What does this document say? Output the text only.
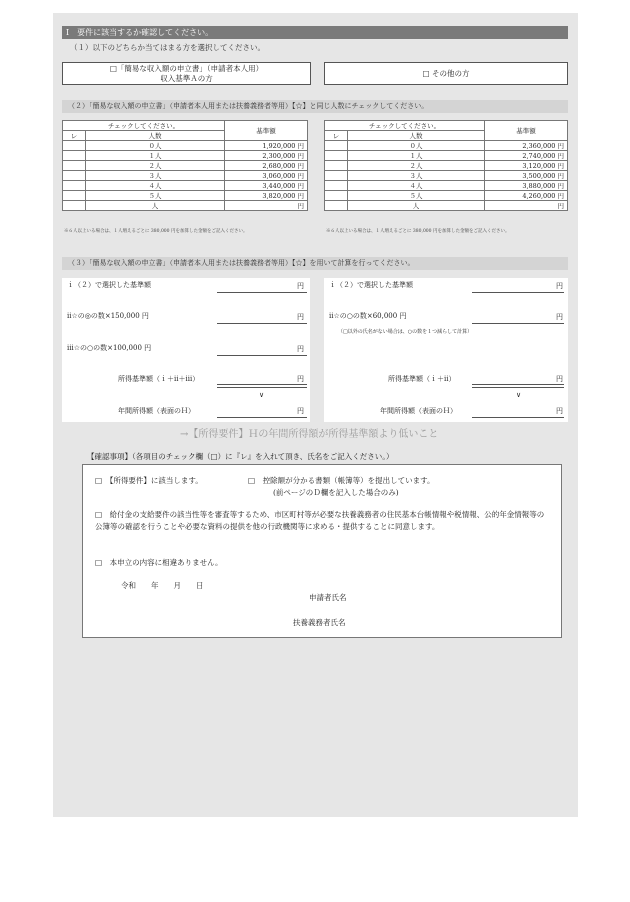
Ⅰ　要件に該当するか確認してください。
（１）以下のどちらか当てはまる方を選択してください。
□「簡易な収入額の申立書」（申請者本人用）
収入基準Ａの方
□ その他の方
（２）「簡易な収入額の申立書」（申請者本人用または扶養義務者等用）【☆】と同じ人数にチェックしてください。
チェックしてください。		基準額
レ	人数	
	０人	1,920,000 円
	１人	2,300,000 円
	２人	2,680,000 円
	３人	3,060,000 円
	４人	3,440,000 円
	５人	3,820,000 円
	人	円
チェックしてください。		基準額
レ	人数	
	０人	2,360,000 円
	１人	2,740,000 円
	２人	3,120,000 円
	３人	3,500,000 円
	４人	3,880,000 円
	５人	4,260,000 円
	人	円
※６人以上いる場合は、１人増えるごとに 380,000 円を加算した金額をご記入ください。	※６人以上いる場合は、１人増えるごとに 380,000 円を加算した金額をご記入ください。
（３）「簡易な収入額の申立書」（申請者本人用または扶養義務者等用）【☆】を用いて計算を行ってください。
ｉ（２）で選択した基準額	円
ⅱ☆の◎の数×150,000 円	円
ⅲ☆の○の数×100,000 円	円
所得基準額（ｉ＋ⅱ＋ⅲ）	円
∨
年間所得額（表面のＨ）	円
ｉ（２）で選択した基準額	円
ⅱ☆の○の数×60,000 円	円
（□以外の氏名がない場合は、○の数を１つ減らして計算）
所得基準額（ｉ＋ⅱ）	円
∨
年間所得額（表面のＨ）	円
→【所得要件】Ｈの年間所得額が所得基準額より低いこと
【確認事項】（各項目のチェック欄（□）に『レ』を入れて頂き、氏名をご記入ください。）
□　【所得要件】に該当します。	□　控除額が分かる書類（帳簿等）を提出しています。
(前ページのＤ欄を記入した場合のみ)
□　給付金の支給要件の該当性等を審査等するため、市区町村等が必要な扶養義務者の住民基本台帳情報や税情報、公的年金情報等の公簿等の確認を行うことや必要な資料の提供を他の行政機関等に求める・提供することに同意します。
□　本申立の内容に相違ありません。
令和　　年　　月　　日
申請者氏名
扶養義務者氏名
